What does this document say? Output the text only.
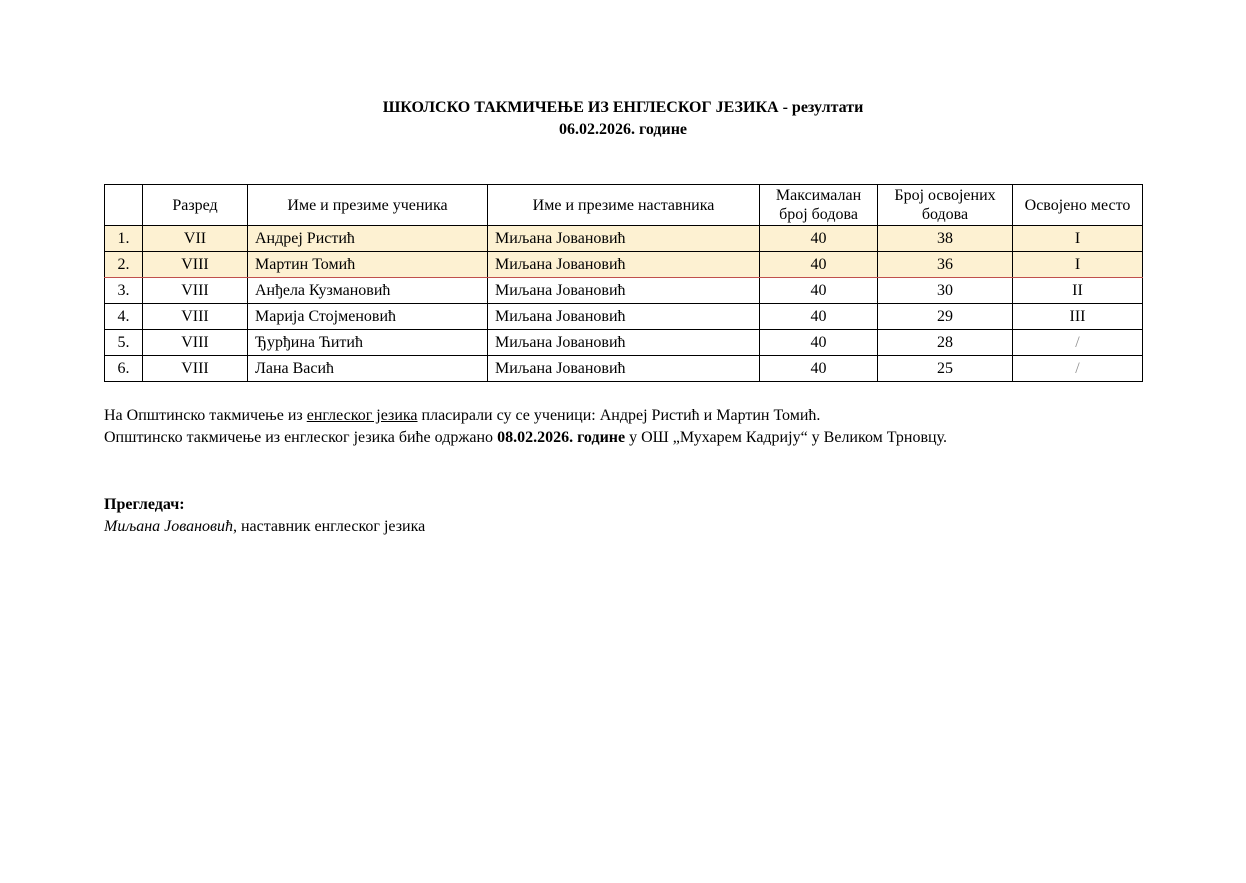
ШКОЛСКО ТАКМИЧЕЊЕ ИЗ ЕНГЛЕСКОГ ЈЕЗИКА - резултати
06.02.2026. године
	Разред	Име и презиме ученика	Име и презиме наставника	Максималан број бодова	Број освојених бодова	Освојено место
1.	VII	Андреј Ристић	Миљана Јовановић	40	38	I
2.	VIII	Мартин Томић	Миљана Јовановић	40	36	I
3.	VIII	Анђела Кузмановић	Миљана Јовановић	40	30	II
4.	VIII	Марија Стојменовић	Миљана Јовановић	40	29	III
5.	VIII	Ђурђина Ћитић	Миљана Јовановић	40	28	/
6.	VIII	Лана Васић	Миљана Јовановић	40	25	/
На Општинско такмичење из енглеског језика пласирали су се ученици: Андреј Ристић и Мартин Томић.
Општинско такмичење из енглеског језика биће одржано 08.02.2026. године у ОШ „Мухарем Кадрију“ у Великом Трновцу.
Прегледач:
Миљана Јовановић, наставник енглеског језика
